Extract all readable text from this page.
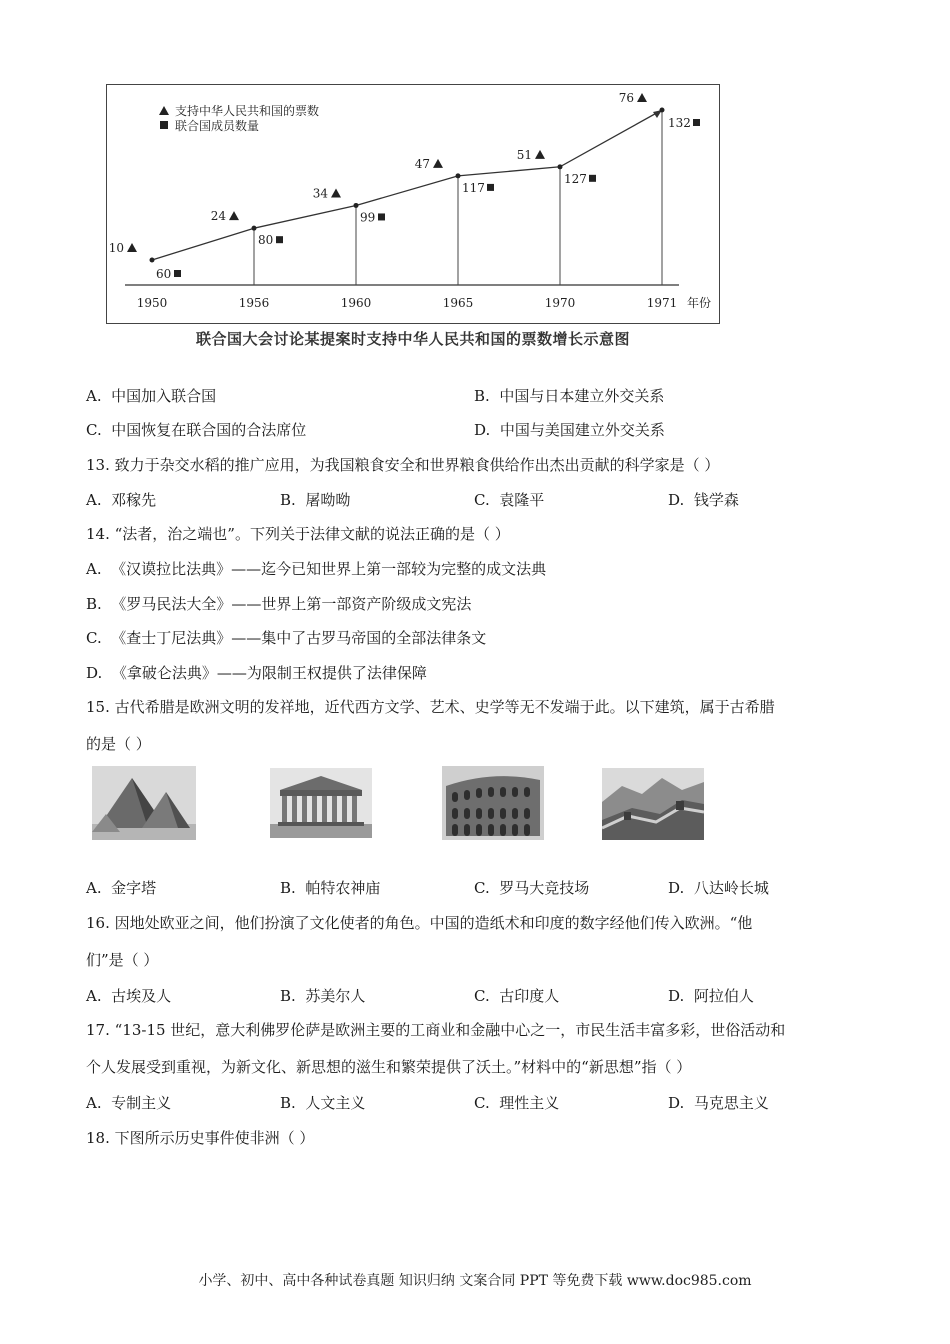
10
24
34
47
51
76
60
80
99
117
127
132
1950	1956	1960	1965	1970	1971 年份
支持中华人民共和国的票数
联合国成员数量
联合国大会讨论某提案时支持中华人民共和国的票数增长示意图
A. 中国加入联合国	B. 中国与日本建立外交关系
C. 中国恢复在联合国的合法席位	D. 中国与美国建立外交关系
13. 致力于杂交水稻的推广应用，为我国粮食安全和世界粮食供给作出杰出贡献的科学家是（ ）
A. 邓稼先	B. 屠呦呦	C. 袁隆平	D. 钱学森
14. “法者，治之端也”。下列关于法律文献的说法正确的是（ ）
A. 《汉谟拉比法典》——迄今已知世界上第一部较为完整的成文法典
B. 《罗马民法大全》——世界上第一部资产阶级成文宪法
C. 《查士丁尼法典》——集中了古罗马帝国的全部法律条文
D. 《拿破仑法典》——为限制王权提供了法律保障
15. 古代希腊是欧洲文明的发祥地，近代西方文学、艺术、史学等无不发端于此。以下建筑，属于古希腊
的是（ ）
A. 金字塔	B. 帕特农神庙	C. 罗马大竞技场	D. 八达岭长城
16. 因地处欧亚之间，他们扮演了文化使者的角色。中国的造纸术和印度的数字经他们传入欧洲。“他
们”是（ ）
A. 古埃及人	B. 苏美尔人	C. 古印度人	D. 阿拉伯人
17. “13-15 世纪，意大利佛罗伦萨是欧洲主要的工商业和金融中心之一，市民生活丰富多彩，世俗活动和
个人发展受到重视，为新文化、新思想的滋生和繁荣提供了沃土。”材料中的“新思想”指（ ）
A. 专制主义	B. 人文主义	C. 理性主义	D. 马克思主义
18. 下图所示历史事件使非洲（ ）
小学、初中、高中各种试卷真题 知识归纳 文案合同 PPT 等免费下载 www.doc985.com
